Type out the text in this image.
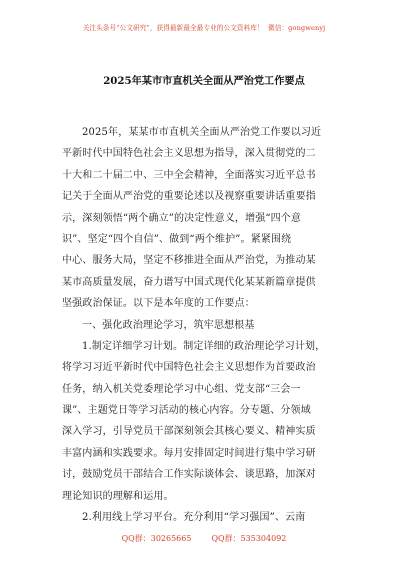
关注头条号“公文研究”，获得最新最全最专业的公文资料库！ 微信：gongwenyj
2025年某市市直机关全面从严治党工作要点
2025年，某某市市直机关全面从严治党工作要以习近
平新时代中国特色社会主义思想为指导，深入贯彻党的二
十大和二十届二中、三中全会精神，全面落实习近平总书
记关于全面从严治党的重要论述以及视察重要讲话重要指
示，深刻领悟“两个确立”的决定性意义，增强“四个意
识”、坚定“四个自信”、做到“两个维护”。紧紧围绕
中心、服务大局，坚定不移推进全面从严治党，为推动某
某市高质量发展，奋力谱写中国式现代化某某新篇章提供
坚强政治保证。以下是本年度的工作要点：
一、强化政治理论学习，筑牢思想根基
1.制定详细学习计划。制定详细的政治理论学习计划，
将学习习近平新时代中国特色社会主义思想作为首要政治
任务，纳入机关党委理论学习中心组、党支部“三会一
课”、主题党日等学习活动的核心内容。分专题、分领域
深入学习，引导党员干部深刻领会其核心要义、精神实质
丰富内涵和实践要求。每月安排固定时间进行集中学习研
讨，鼓励党员干部结合工作实际谈体会、谈思路，加深对
理论知识的理解和运用。
2.利用线上学习平台。充分利用“学习强国”、云南
QQ群：30265665	QQ群：535304092
